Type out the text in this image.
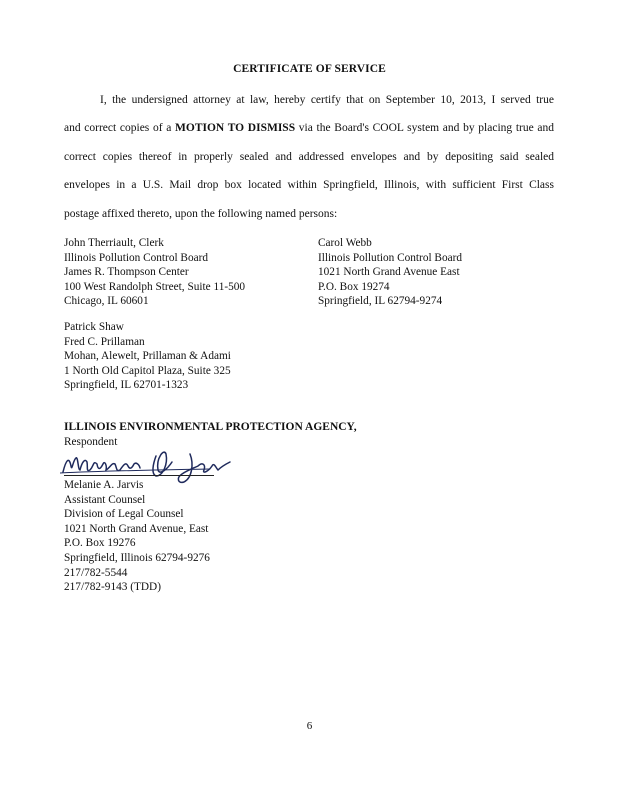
CERTIFICATE OF SERVICE
I, the undersigned attorney at law, hereby certify that on September 10, 2013, I served true
and correct copies of a MOTION TO DISMISS via the Board's COOL system and by placing true and
correct copies thereof in properly sealed and addressed envelopes and by depositing said sealed
envelopes in a U.S. Mail drop box located within Springfield, Illinois, with sufficient First Class
postage affixed thereto, upon the following named persons:
John Therriault, Clerk
Illinois Pollution Control Board
James R. Thompson Center
100 West Randolph Street, Suite 11-500
Chicago, IL 60601
Carol Webb
Illinois Pollution Control Board
1021 North Grand Avenue East
P.O. Box 19274
Springfield, IL 62794-9274
Patrick Shaw
Fred C. Prillaman
Mohan, Alewelt, Prillaman & Adami
1 North Old Capitol Plaza, Suite 325
Springfield, IL 62701-1323
ILLINOIS ENVIRONMENTAL PROTECTION AGENCY,
Respondent
Melanie A. Jarvis
Assistant Counsel
Division of Legal Counsel
1021 North Grand Avenue, East
P.O. Box 19276
Springfield, Illinois 62794-9276
217/782-5544
217/782-9143 (TDD)
6
